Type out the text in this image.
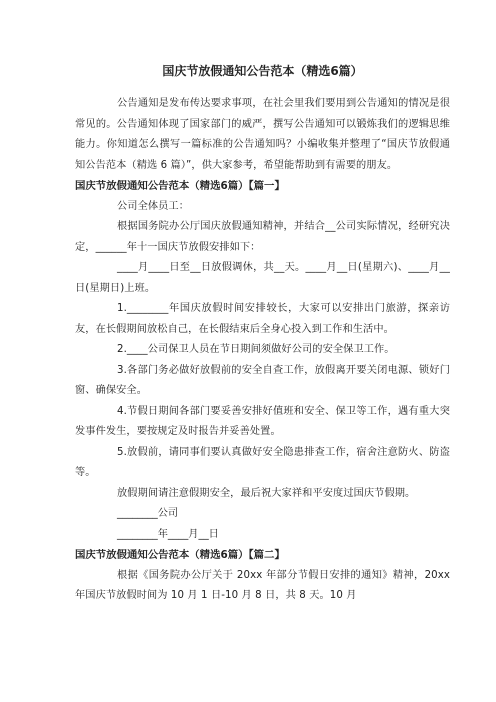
国庆节放假通知公告范本（精选6篇）

公告通知是发布传达要求事项，在社会里我们要用到公告通知的情况是很常见的。公告通知体现了国家部门的威严，撰写公告通知可以锻炼我们的逻辑思维能力。你知道怎么撰写一篇标准的公告通知吗？小编收集并整理了“国庆节放假通知公告范本（精选 6 篇）”，供大家参考，希望能帮助到有需要的朋友。

国庆节放假通知公告范本（精选6篇）【篇一】

公司全体员工：

根据国务院办公厅国庆放假通知精神，并结合__公司实际情况，经研究决定，______年十一国庆节放假安排如下：

____月____日至__日放假调休，共__天。____月__日(星期六)、____月__日(星期日)上班。

1.________年国庆放假时间安排较长，大家可以安排出门旅游，探亲访友，在长假期间放松自己，在长假结束后全身心投入到工作和生活中。

2.____公司保卫人员在节日期间须做好公司的安全保卫工作。

3.各部门务必做好放假前的安全自查工作，放假离开要关闭电源、锁好门窗、确保安全。

4.节假日期间各部门要妥善安排好值班和安全、保卫等工作，遇有重大突发事件发生，要按规定及时报告并妥善处置。

5.放假前，请同事们要认真做好安全隐患排查工作，宿舍注意防火、防盗等。

放假期间请注意假期安全，最后祝大家祥和平安度过国庆节假期。

________公司

________年____月__日

国庆节放假通知公告范本（精选6篇）【篇二】

根据《国务院办公厅关于 20xx 年部分节假日安排的通知》精神，20xx 年国庆节放假时间为 10 月 1 日-10 月 8 日，共 8 天。10 月
